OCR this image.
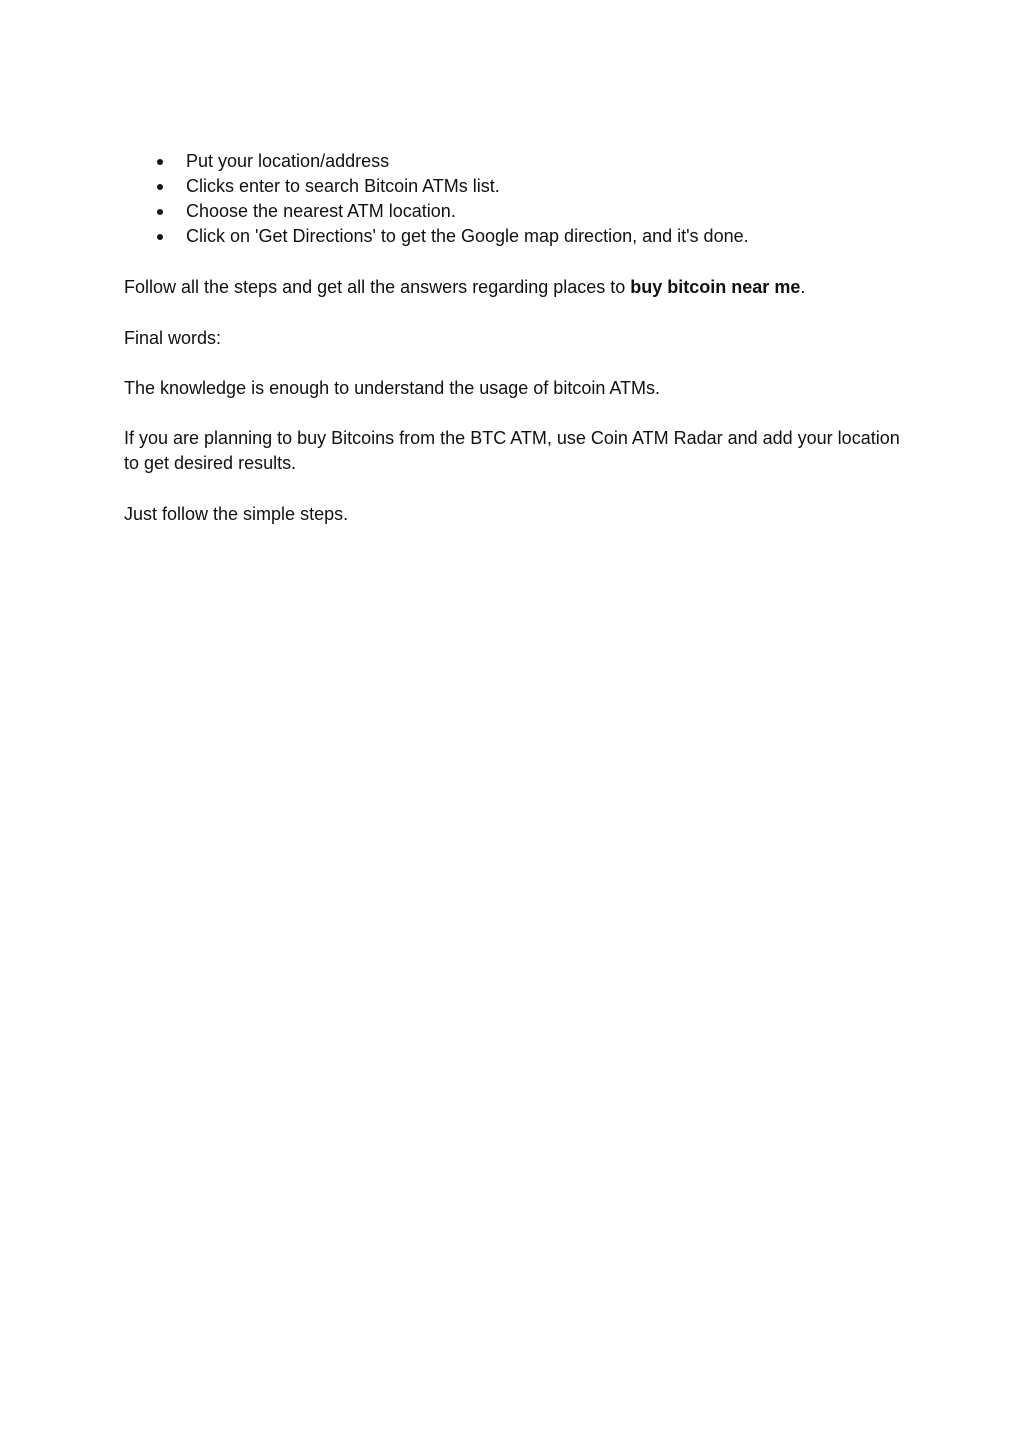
Put your location/address
Clicks enter to search Bitcoin ATMs list.
Choose the nearest ATM location.
Click on 'Get Directions' to get the Google map direction, and it's done.

Follow all the steps and get all the answers regarding places to buy bitcoin near me.

Final words:

The knowledge is enough to understand the usage of bitcoin ATMs.

If you are planning to buy Bitcoins from the BTC ATM, use Coin ATM Radar and add your location to get desired results.

Just follow the simple steps.
